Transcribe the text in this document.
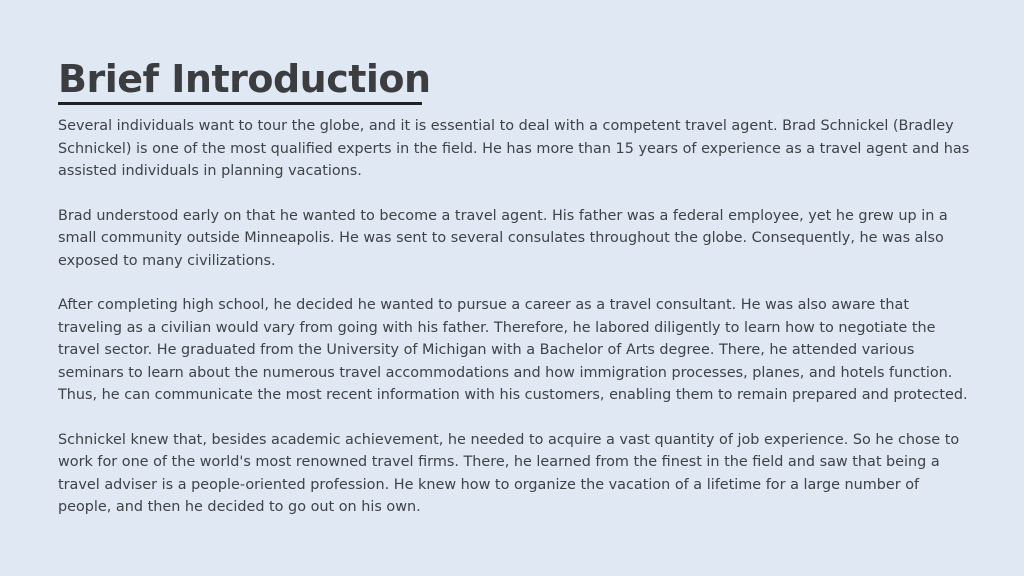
Brief Introduction

Several individuals want to tour the globe, and it is essential to deal with a competent travel agent. Brad Schnickel (Bradley Schnickel) is one of the most qualified experts in the field. He has more than 15 years of experience as a travel agent and has assisted individuals in planning vacations.

Brad understood early on that he wanted to become a travel agent. His father was a federal employee, yet he grew up in a small community outside Minneapolis. He was sent to several consulates throughout the globe. Consequently, he was also exposed to many civilizations.

After completing high school, he decided he wanted to pursue a career as a travel consultant. He was also aware that traveling as a civilian would vary from going with his father. Therefore, he labored diligently to learn how to negotiate the travel sector. He graduated from the University of Michigan with a Bachelor of Arts degree. There, he attended various seminars to learn about the numerous travel accommodations and how immigration processes, planes, and hotels function. Thus, he can communicate the most recent information with his customers, enabling them to remain prepared and protected.

Schnickel knew that, besides academic achievement, he needed to acquire a vast quantity of job experience. So he chose to work for one of the world's most renowned travel firms. There, he learned from the finest in the field and saw that being a travel adviser is a people-oriented profession. He knew how to organize the vacation of a lifetime for a large number of people, and then he decided to go out on his own.
